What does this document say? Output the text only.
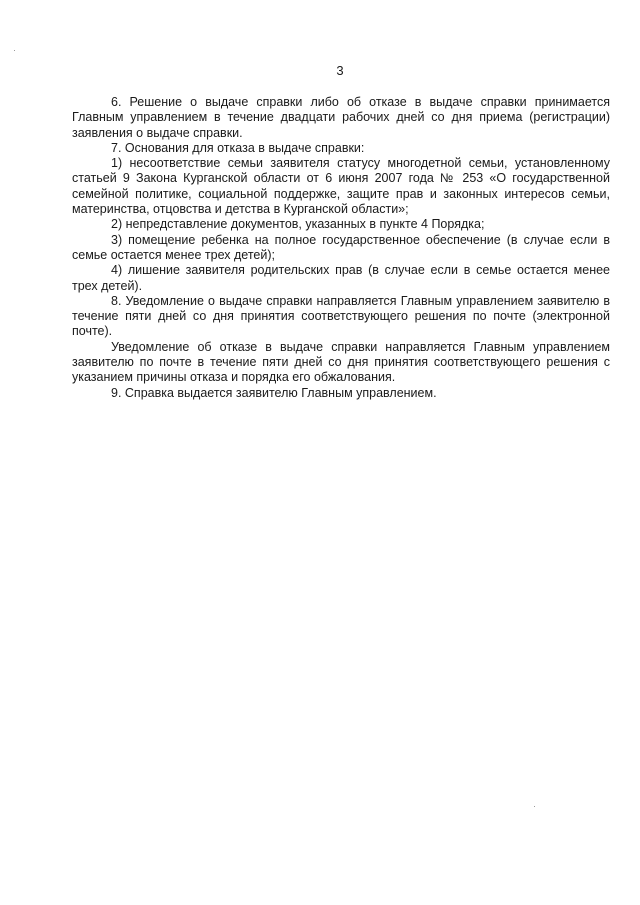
3

6. Решение о выдаче справки либо об отказе в выдаче справки принимается Главным управлением в течение двадцати рабочих дней со дня приема (регистрации) заявления о выдаче справки.

7. Основания для отказа в выдаче справки:

1) несоответствие семьи заявителя статусу многодетной семьи, установленному статьей 9 Закона Курганской области от 6 июня 2007 года № 253 «О государственной семейной политике, социальной поддержке, защите прав и законных интересов семьи, материнства, отцовства и детства в Курганской области»;

2) непредставление документов, указанных в пункте 4 Порядка;

3) помещение ребенка на полное государственное обеспечение (в случае если в семье остается менее трех детей);

4) лишение заявителя родительских прав (в случае если в семье остается менее трех детей).

8. Уведомление о выдаче справки направляется Главным управлением заявителю в течение пяти дней со дня принятия соответствующего решения по почте (электронной почте).

Уведомление об отказе в выдаче справки направляется Главным управлением заявителю по почте в течение пяти дней со дня принятия соответствующего решения с указанием причины отказа и порядка его обжалования.

9. Справка выдается заявителю Главным управлением.
